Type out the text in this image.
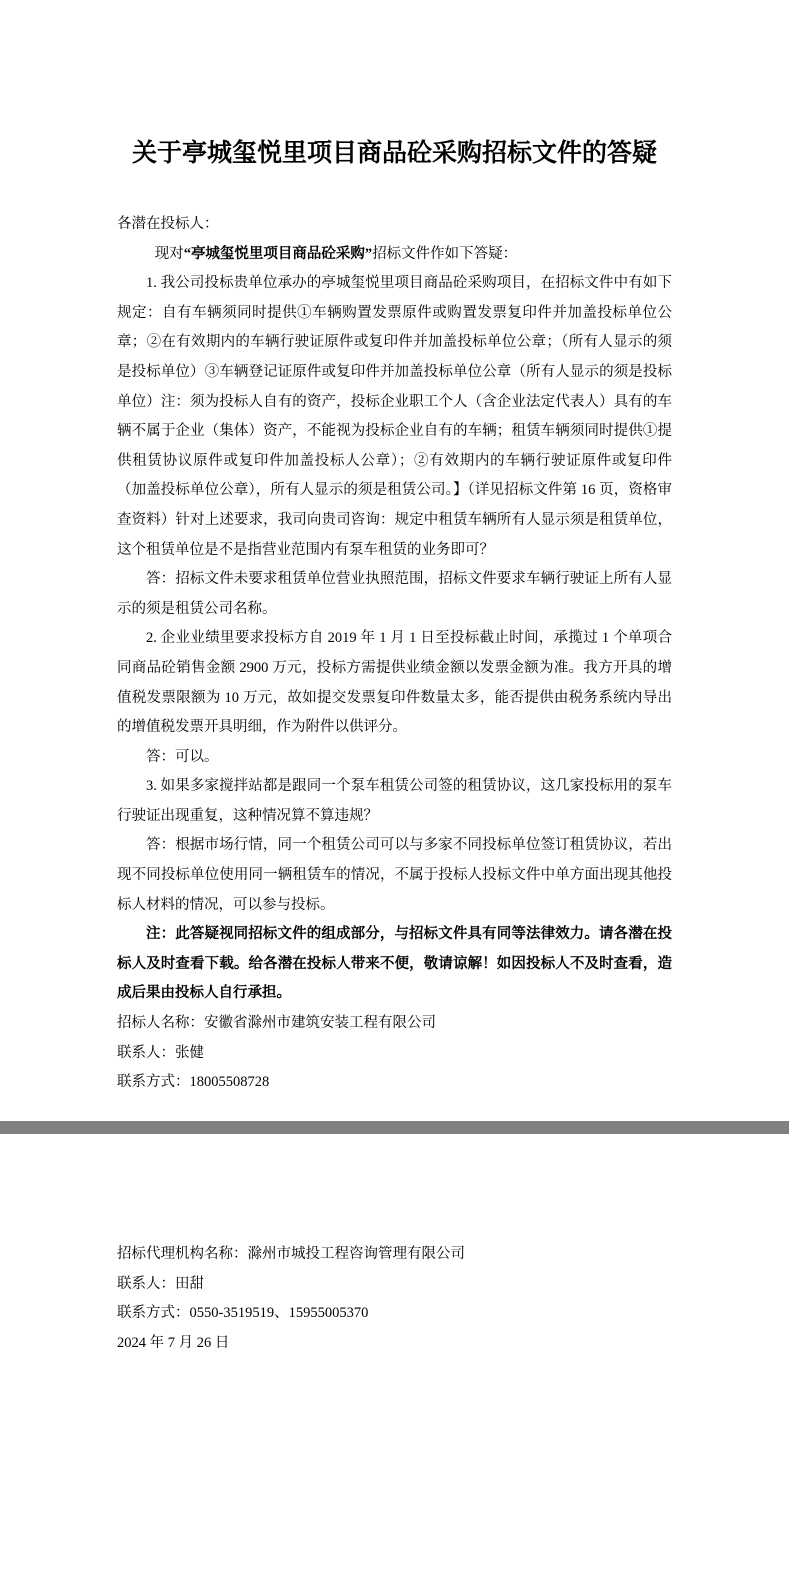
关于亭城玺悦里项目商品砼采购招标文件的答疑

各潜在投标人：

现对“亭城玺悦里项目商品砼采购”招标文件作如下答疑：

1. 我公司投标贵单位承办的亭城玺悦里项目商品砼采购项目，在招标文件中有如下规定：自有车辆须同时提供①车辆购置发票原件或购置发票复印件并加盖投标单位公章；②在有效期内的车辆行驶证原件或复印件并加盖投标单位公章；（所有人显示的须是投标单位）③车辆登记证原件或复印件并加盖投标单位公章（所有人显示的须是投标单位）注：须为投标人自有的资产，投标企业职工个人（含企业法定代表人）具有的车辆不属于企业（集体）资产，不能视为投标企业自有的车辆；租赁车辆须同时提供①提供租赁协议原件或复印件加盖投标人公章）；②有效期内的车辆行驶证原件或复印件（加盖投标单位公章），所有人显示的须是租赁公司。】（详见招标文件第 16 页，资格审查资料）针对上述要求，我司向贵司咨询：规定中租赁车辆所有人显示须是租赁单位，这个租赁单位是不是指营业范围内有泵车租赁的业务即可？

答：招标文件未要求租赁单位营业执照范围，招标文件要求车辆行驶证上所有人显示的须是租赁公司名称。

2. 企业业绩里要求投标方自 2019 年 1 月 1 日至投标截止时间，承揽过 1 个单项合同商品砼销售金额 2900 万元，投标方需提供业绩金额以发票金额为准。我方开具的增值税发票限额为 10 万元，故如提交发票复印件数量太多，能否提供由税务系统内导出的增值税发票开具明细，作为附件以供评分。

答：可以。

3. 如果多家搅拌站都是跟同一个泵车租赁公司签的租赁协议，这几家投标用的泵车行驶证出现重复，这种情况算不算违规？

答：根据市场行情，同一个租赁公司可以与多家不同投标单位签订租赁协议，若出现不同投标单位使用同一辆租赁车的情况，不属于投标人投标文件中单方面出现其他投标人材料的情况，可以参与投标。

注：此答疑视同招标文件的组成部分，与招标文件具有同等法律效力。请各潜在投标人及时查看下载。给各潜在投标人带来不便，敬请谅解！如因投标人不及时查看，造成后果由投标人自行承担。

招标人名称：安徽省滁州市建筑安装工程有限公司

联系人：张健

联系方式：18005508728

招标代理机构名称：滁州市城投工程咨询管理有限公司

联系人：田甜

联系方式：0550-3519519、15955005370

2024 年 7 月 26 日
